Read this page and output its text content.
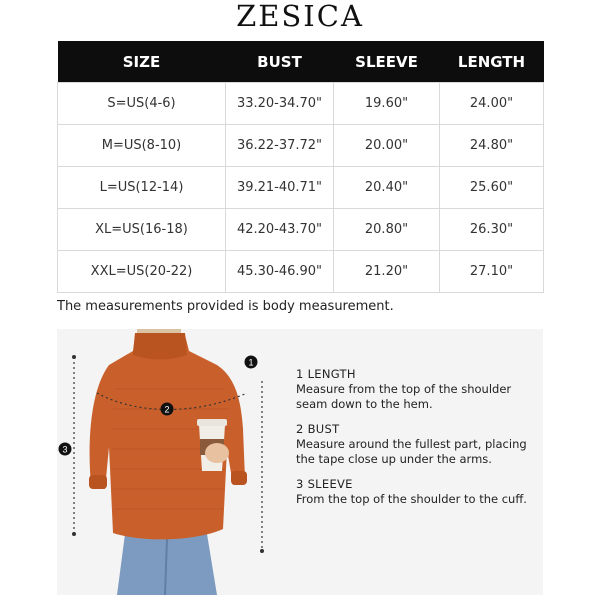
ZESICA
SIZE	BUST	SLEEVE	LENGTH
S=US(4-6)	33.20-34.70"	19.60"	24.00"
M=US(8-10)	36.22-37.72"	20.00"	24.80"
L=US(12-14)	39.21-40.71"	20.40"	25.60"
XL=US(16-18)	42.20-43.70"	20.80"	26.30"
XXL=US(20-22)	45.30-46.90"	21.20"	27.10"
The measurements provided is body measurement.
1
2
3
1 LENGTH
Measure from the top of the shoulder seam down to the hem.
2 BUST
Measure around the fullest part, placing the tape close up under the arms.
3 SLEEVE
From the top of the shoulder to the cuff.
